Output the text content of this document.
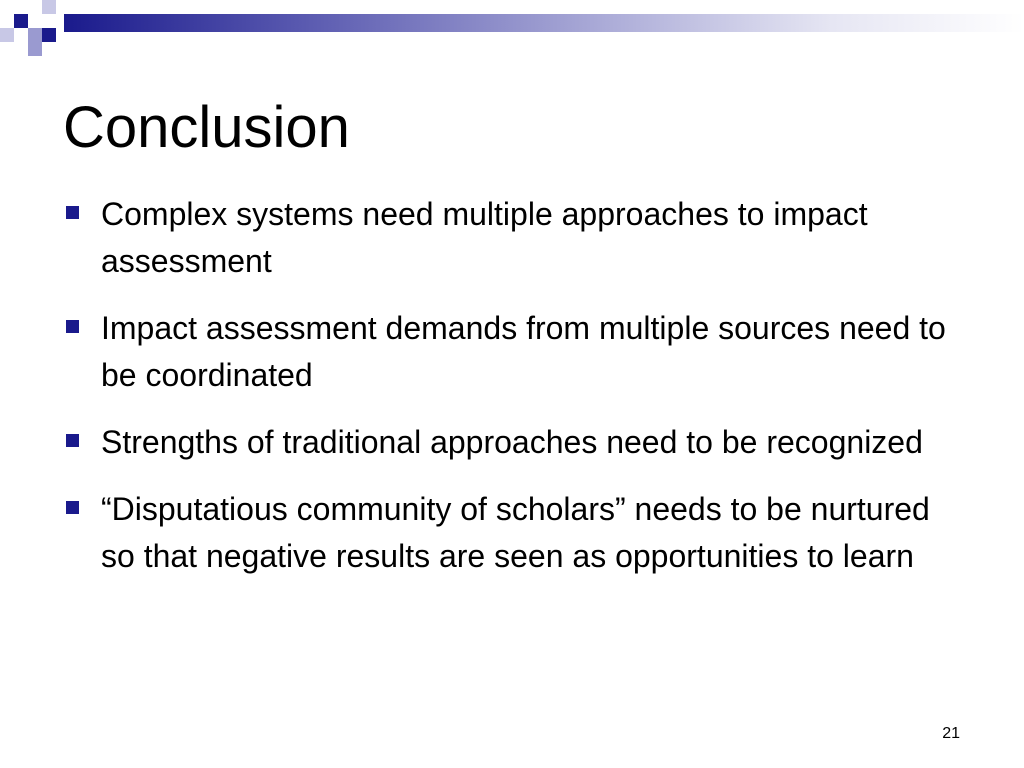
Conclusion
Complex systems need multiple approaches to impact assessment
Impact assessment demands from multiple sources need to be coordinated
Strengths of traditional approaches need to be recognized
“Disputatious community of scholars” needs to be nurtured so that negative results are seen as opportunities to learn
21
